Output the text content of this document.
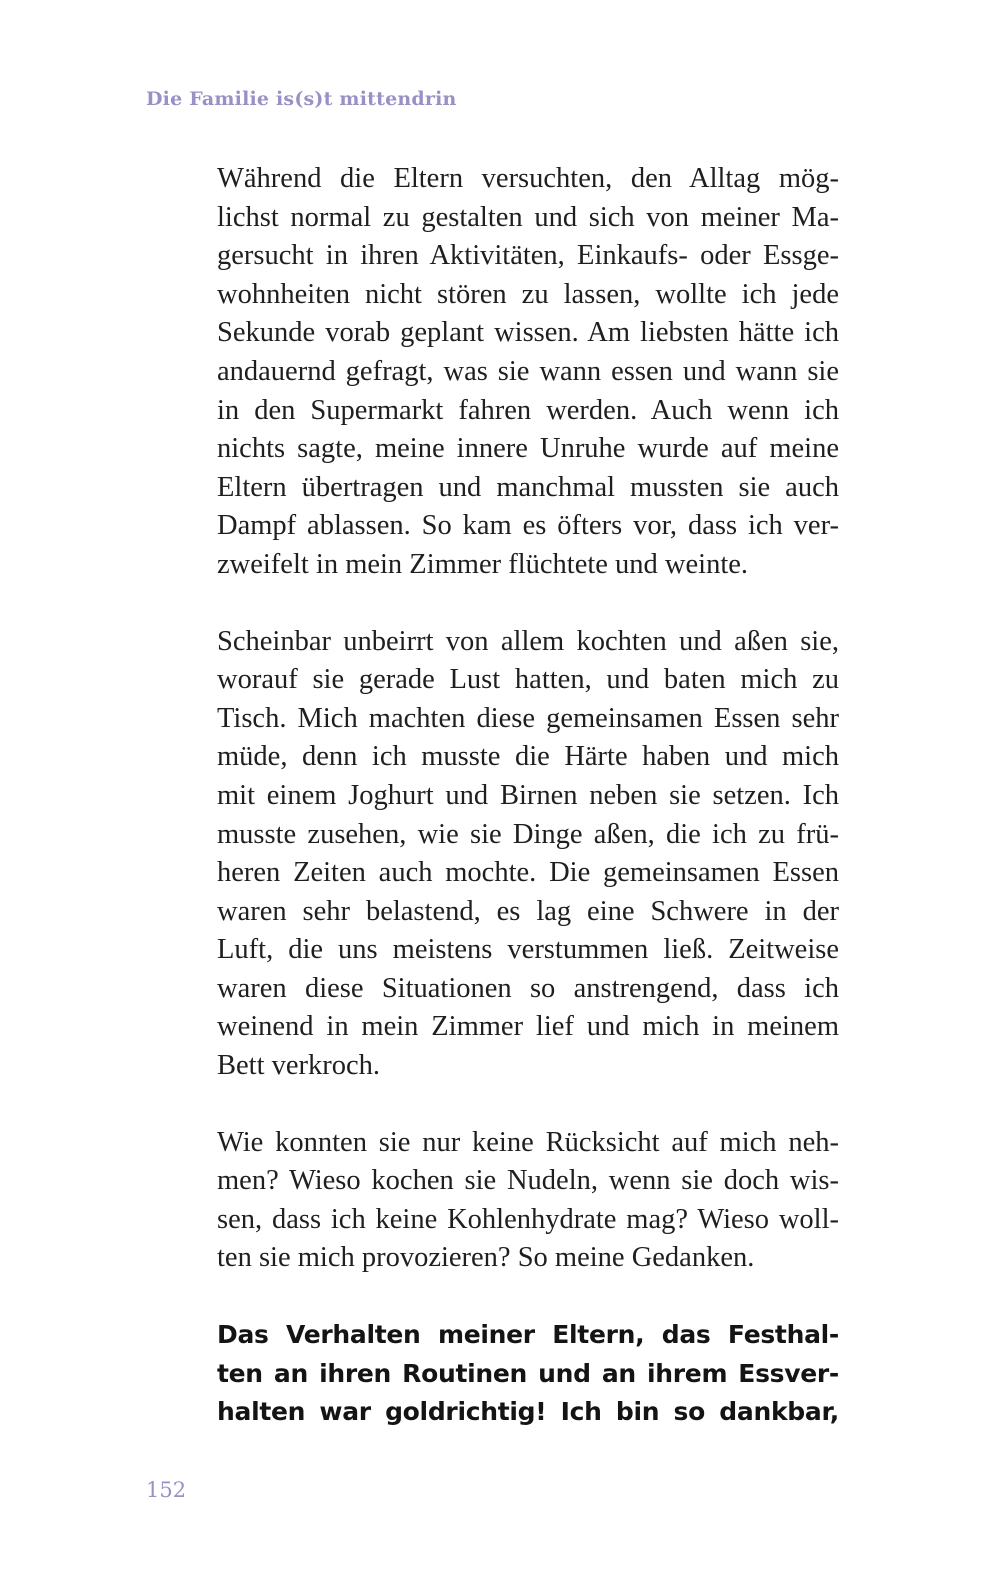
Die Familie is(s)t mittendrin
Während die Eltern versuchten, den Alltag mög-
lichst normal zu gestalten und sich von meiner Ma-
gersucht in ihren Aktivitäten, Einkaufs- oder Essge-
wohnheiten nicht stören zu lassen, wollte ich jede
Sekunde vorab geplant wissen. Am liebsten hätte ich
andauernd gefragt, was sie wann essen und wann sie
in den Supermarkt fahren werden. Auch wenn ich
nichts sagte, meine innere Unruhe wurde auf meine
Eltern übertragen und manchmal mussten sie auch
Dampf ablassen. So kam es öfters vor, dass ich ver-
zweifelt in mein Zimmer flüchtete und weinte.
Scheinbar unbeirrt von allem kochten und aßen sie,
worauf sie gerade Lust hatten, und baten mich zu
Tisch. Mich machten diese gemeinsamen Essen sehr
müde, denn ich musste die Härte haben und mich
mit einem Joghurt und Birnen neben sie setzen. Ich
musste zusehen, wie sie Dinge aßen, die ich zu frü-
heren Zeiten auch mochte. Die gemeinsamen Essen
waren sehr belastend, es lag eine Schwere in der
Luft, die uns meistens verstummen ließ. Zeitweise
waren diese Situationen so anstrengend, dass ich
weinend in mein Zimmer lief und mich in meinem
Bett verkroch.
Wie konnten sie nur keine Rücksicht auf mich neh-
men? Wieso kochen sie Nudeln, wenn sie doch wis-
sen, dass ich keine Kohlenhydrate mag? Wieso woll-
ten sie mich provozieren? So meine Gedanken.
Das Verhalten meiner Eltern, das Festhal-
ten an ihren Routinen und an ihrem Essver-
halten war goldrichtig! Ich bin so dankbar,
152
